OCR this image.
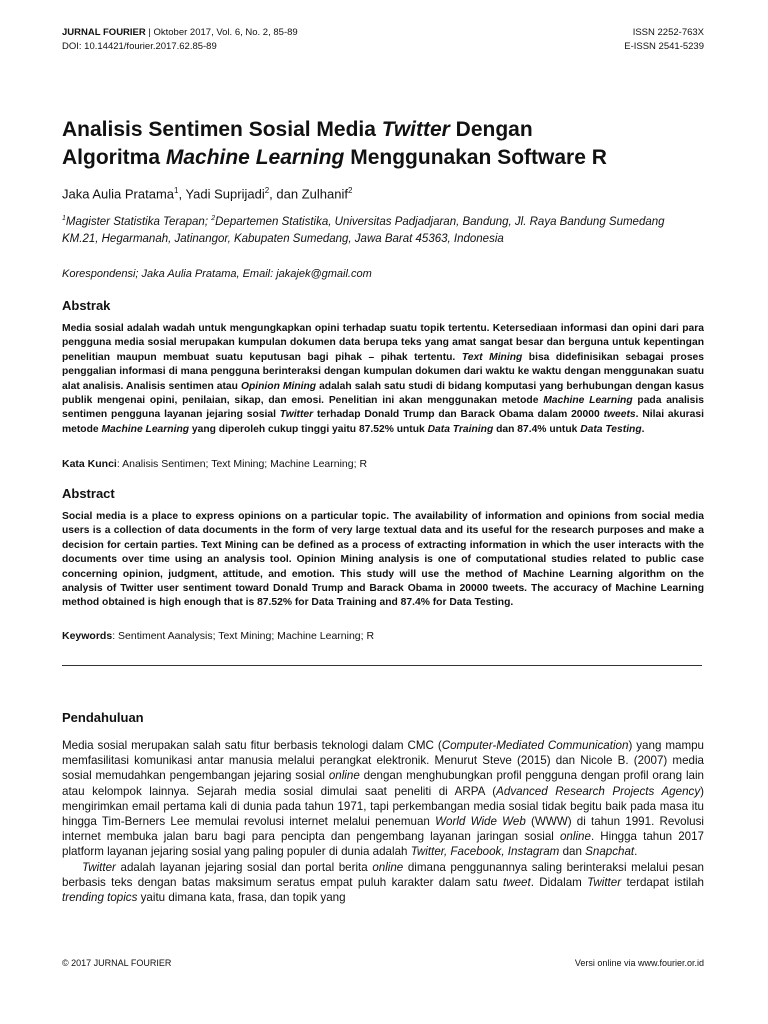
JURNAL FOURIER | Oktober 2017, Vol. 6, No. 2, 85-89	ISSN 2252-763X
DOI: 10.14421/fourier.2017.62.85-89	E-ISSN 2541-5239
Analisis Sentimen Sosial Media Twitter Dengan
Algoritma Machine Learning Menggunakan Software R
Jaka Aulia Pratama$^1$, Yadi Suprijadi$^2$, dan Zulhanif$^2$
$^1$Magister Statistika Terapan; $^2$Departemen Statistika, Universitas Padjadjaran, Bandung, Jl. Raya Bandung Sumedang KM.21, Hegarmanah, Jatinangor, Kabupaten Sumedang, Jawa Barat 45363, Indonesia
Korespondensi; Jaka Aulia Pratama, Email: jakajek@gmail.com
Abstrak
Media sosial adalah wadah untuk mengungkapkan opini terhadap suatu topik tertentu. Ketersediaan informasi dan opini dari para pengguna media sosial merupakan kumpulan dokumen data berupa teks yang amat sangat besar dan berguna untuk kepentingan penelitian maupun membuat suatu keputusan bagi pihak – pihak tertentu. Text Mining bisa didefinisikan sebagai proses penggalian informasi di mana pengguna berinteraksi dengan kumpulan dokumen dari waktu ke waktu dengan menggunakan suatu alat analisis. Analisis sentimen atau Opinion Mining adalah salah satu studi di bidang komputasi yang berhubungan dengan kasus publik mengenai opini, penilaian, sikap, dan emosi. Penelitian ini akan menggunakan metode Machine Learning pada analisis sentimen pengguna layanan jejaring sosial Twitter terhadap Donald Trump dan Barack Obama dalam 20000 tweets. Nilai akurasi metode Machine Learning yang diperoleh cukup tinggi yaitu 87.52% untuk Data Training dan 87.4% untuk Data Testing.
Kata Kunci: Analisis Sentimen; Text Mining; Machine Learning; R
Abstract
Social media is a place to express opinions on a particular topic. The availability of information and opinions from social media users is a collection of data documents in the form of very large textual data and its useful for the research purposes and make a decision for certain parties. Text Mining can be defined as a process of extracting information in which the user interacts with the documents over time using an analysis tool. Opinion Mining analysis is one of computational studies related to public case concerning opinion, judgment, attitude, and emotion. This study will use the method of Machine Learning algorithm on the analysis of Twitter user sentiment toward Donald Trump and Barack Obama in 20000 tweets. The accuracy of Machine Learning method obtained is high enough that is 87.52% for Data Training and 87.4% for Data Testing.
Keywords: Sentiment Aanalysis; Text Mining; Machine Learning; R
Pendahuluan

Media sosial merupakan salah satu fitur berbasis teknologi dalam CMC (Computer-Mediated Communication) yang mampu memfasilitasi komunikasi antar manusia melalui perangkat elektronik. Menurut Steve (2015) dan Nicole B. (2007) media sosial memudahkan pengembangan jejaring sosial online dengan menghubungkan profil pengguna dengan profil orang lain atau kelompok lainnya. Sejarah media sosial dimulai saat peneliti di ARPA (Advanced Research Projects Agency) mengirimkan email pertama kali di dunia pada tahun 1971, tapi perkembangan media sosial tidak begitu baik pada masa itu hingga Tim-Berners Lee memulai revolusi internet melalui penemuan World Wide Web (WWW) di tahun 1991. Revolusi internet membuka jalan baru bagi para pencipta dan pengembang layanan jaringan sosial online. Hingga tahun 2017 platform layanan jejaring sosial yang paling populer di dunia adalah Twitter, Facebook, Instagram dan Snapchat.

Twitter adalah layanan jejaring sosial dan portal berita online dimana penggunannya saling berinteraksi melalui pesan berbasis teks dengan batas maksimum seratus empat puluh karakter dalam satu tweet. Didalam Twitter terdapat istilah trending topics yaitu dimana kata, frasa, dan topik yang

© 2017 JURNAL FOURIER	Versi online via www.fourier.or.id
